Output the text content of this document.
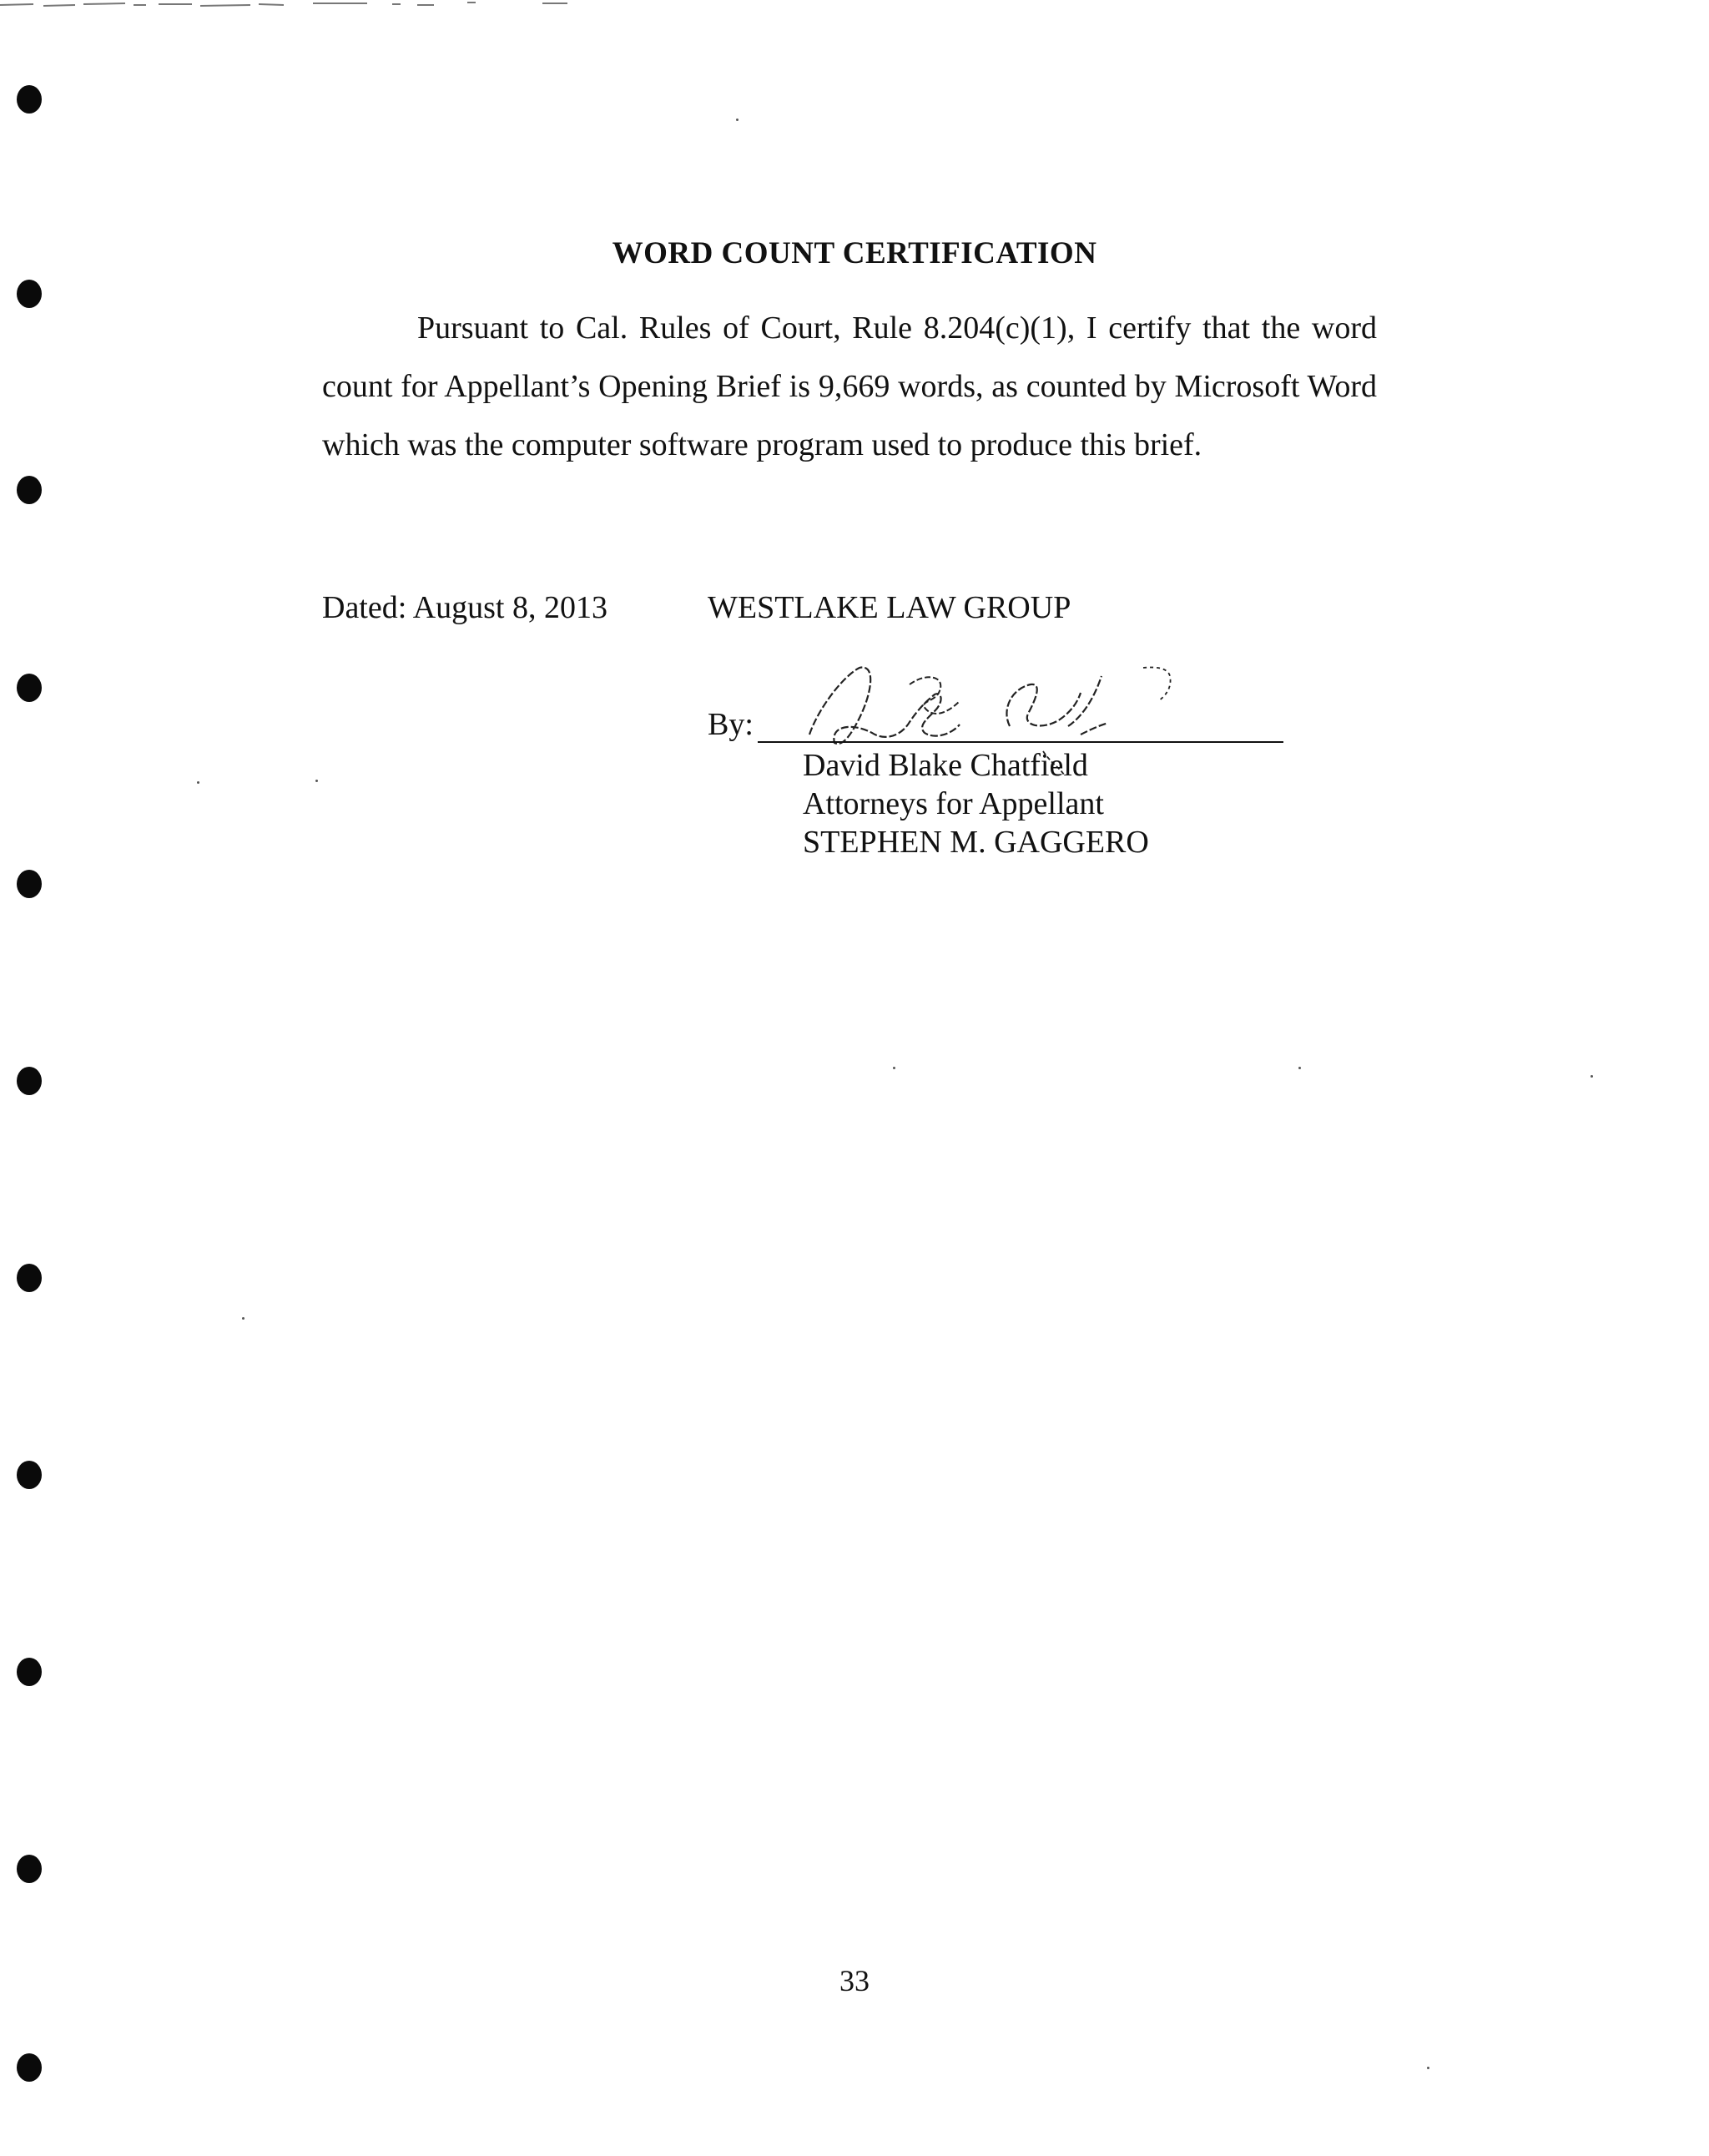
WORD COUNT CERTIFICATION

Pursuant to Cal. Rules of Court, Rule 8.204(c)(1), I certify that the word count for Appellant’s Opening Brief is 9,669 words, as counted by Microsoft Word which was the computer software program used to produce this brief.

Dated: August 8, 2013	WESTLAKE LAW GROUP
By:
David Blake Chatfield
Attorneys for Appellant
STEPHEN M. GAGGERO
33
